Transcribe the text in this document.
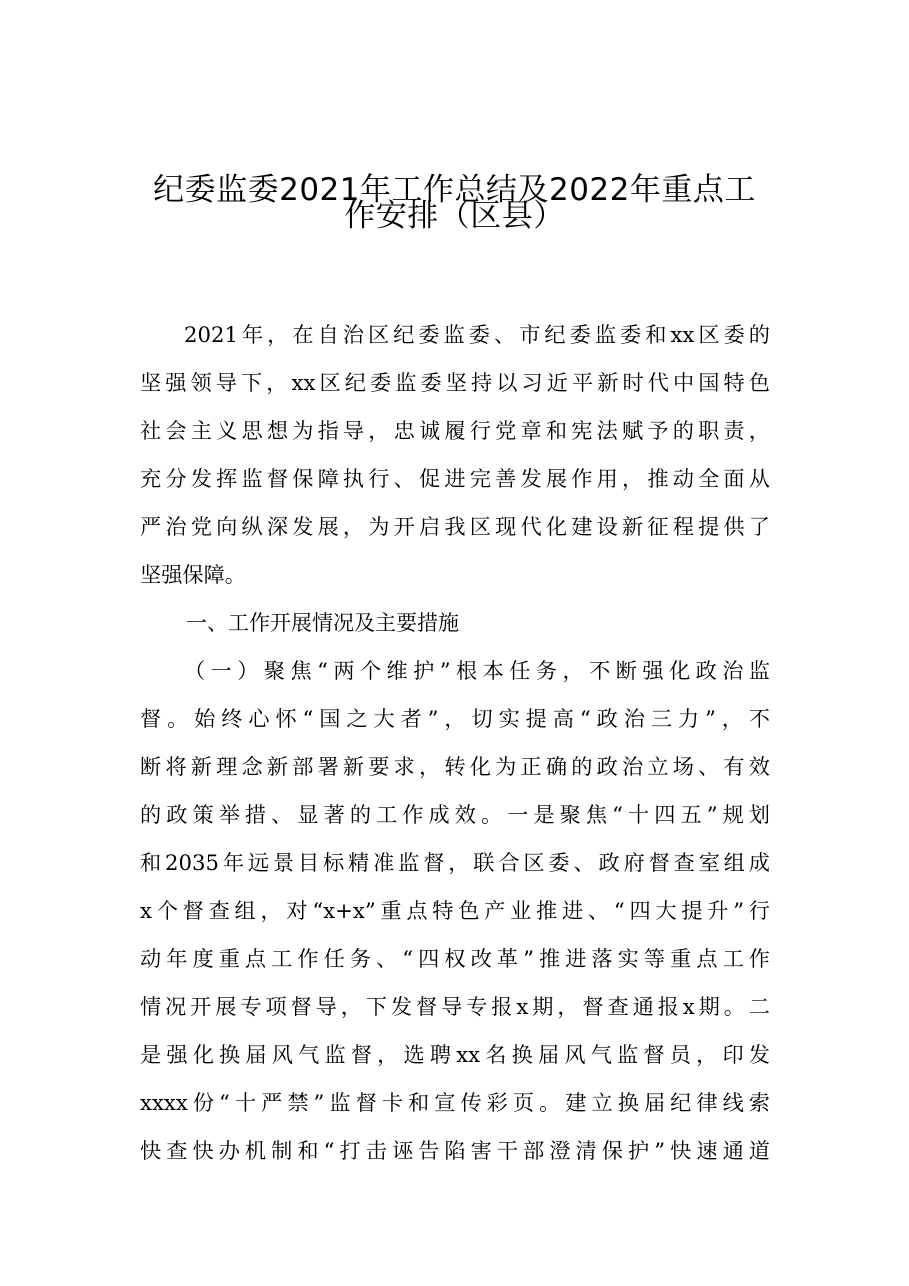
纪委监委2021年工作总结及2022年重点工
作安排（区县）
2021年，在自治区纪委监委、市纪委监委和xx区委的
坚强领导下，xx区纪委监委坚持以习近平新时代中国特色
社会主义思想为指导，忠诚履行党章和宪法赋予的职责，
充分发挥监督保障执行、促进完善发展作用，推动全面从
严治党向纵深发展，为开启我区现代化建设新征程提供了
坚强保障。
一、工作开展情况及主要措施
（一）聚焦“两个维护”根本任务，不断强化政治监
督。始终心怀“国之大者”，切实提高“政治三力”，不
断将新理念新部署新要求，转化为正确的政治立场、有效
的政策举措、显著的工作成效。一是聚焦“十四五”规划
和2035年远景目标精准监督，联合区委、政府督查室组成
x个督查组，对“x+x”重点特色产业推进、“四大提升”行
动年度重点工作任务、“四权改革”推进落实等重点工作
情况开展专项督导，下发督导专报x期，督查通报x期。二
是强化换届风气监督，选聘xx名换届风气监督员，印发
xxxx份“十严禁”监督卡和宣传彩页。建立换届纪律线索
快查快办机制和“打击诬告陷害干部澄清保护”快速通道
